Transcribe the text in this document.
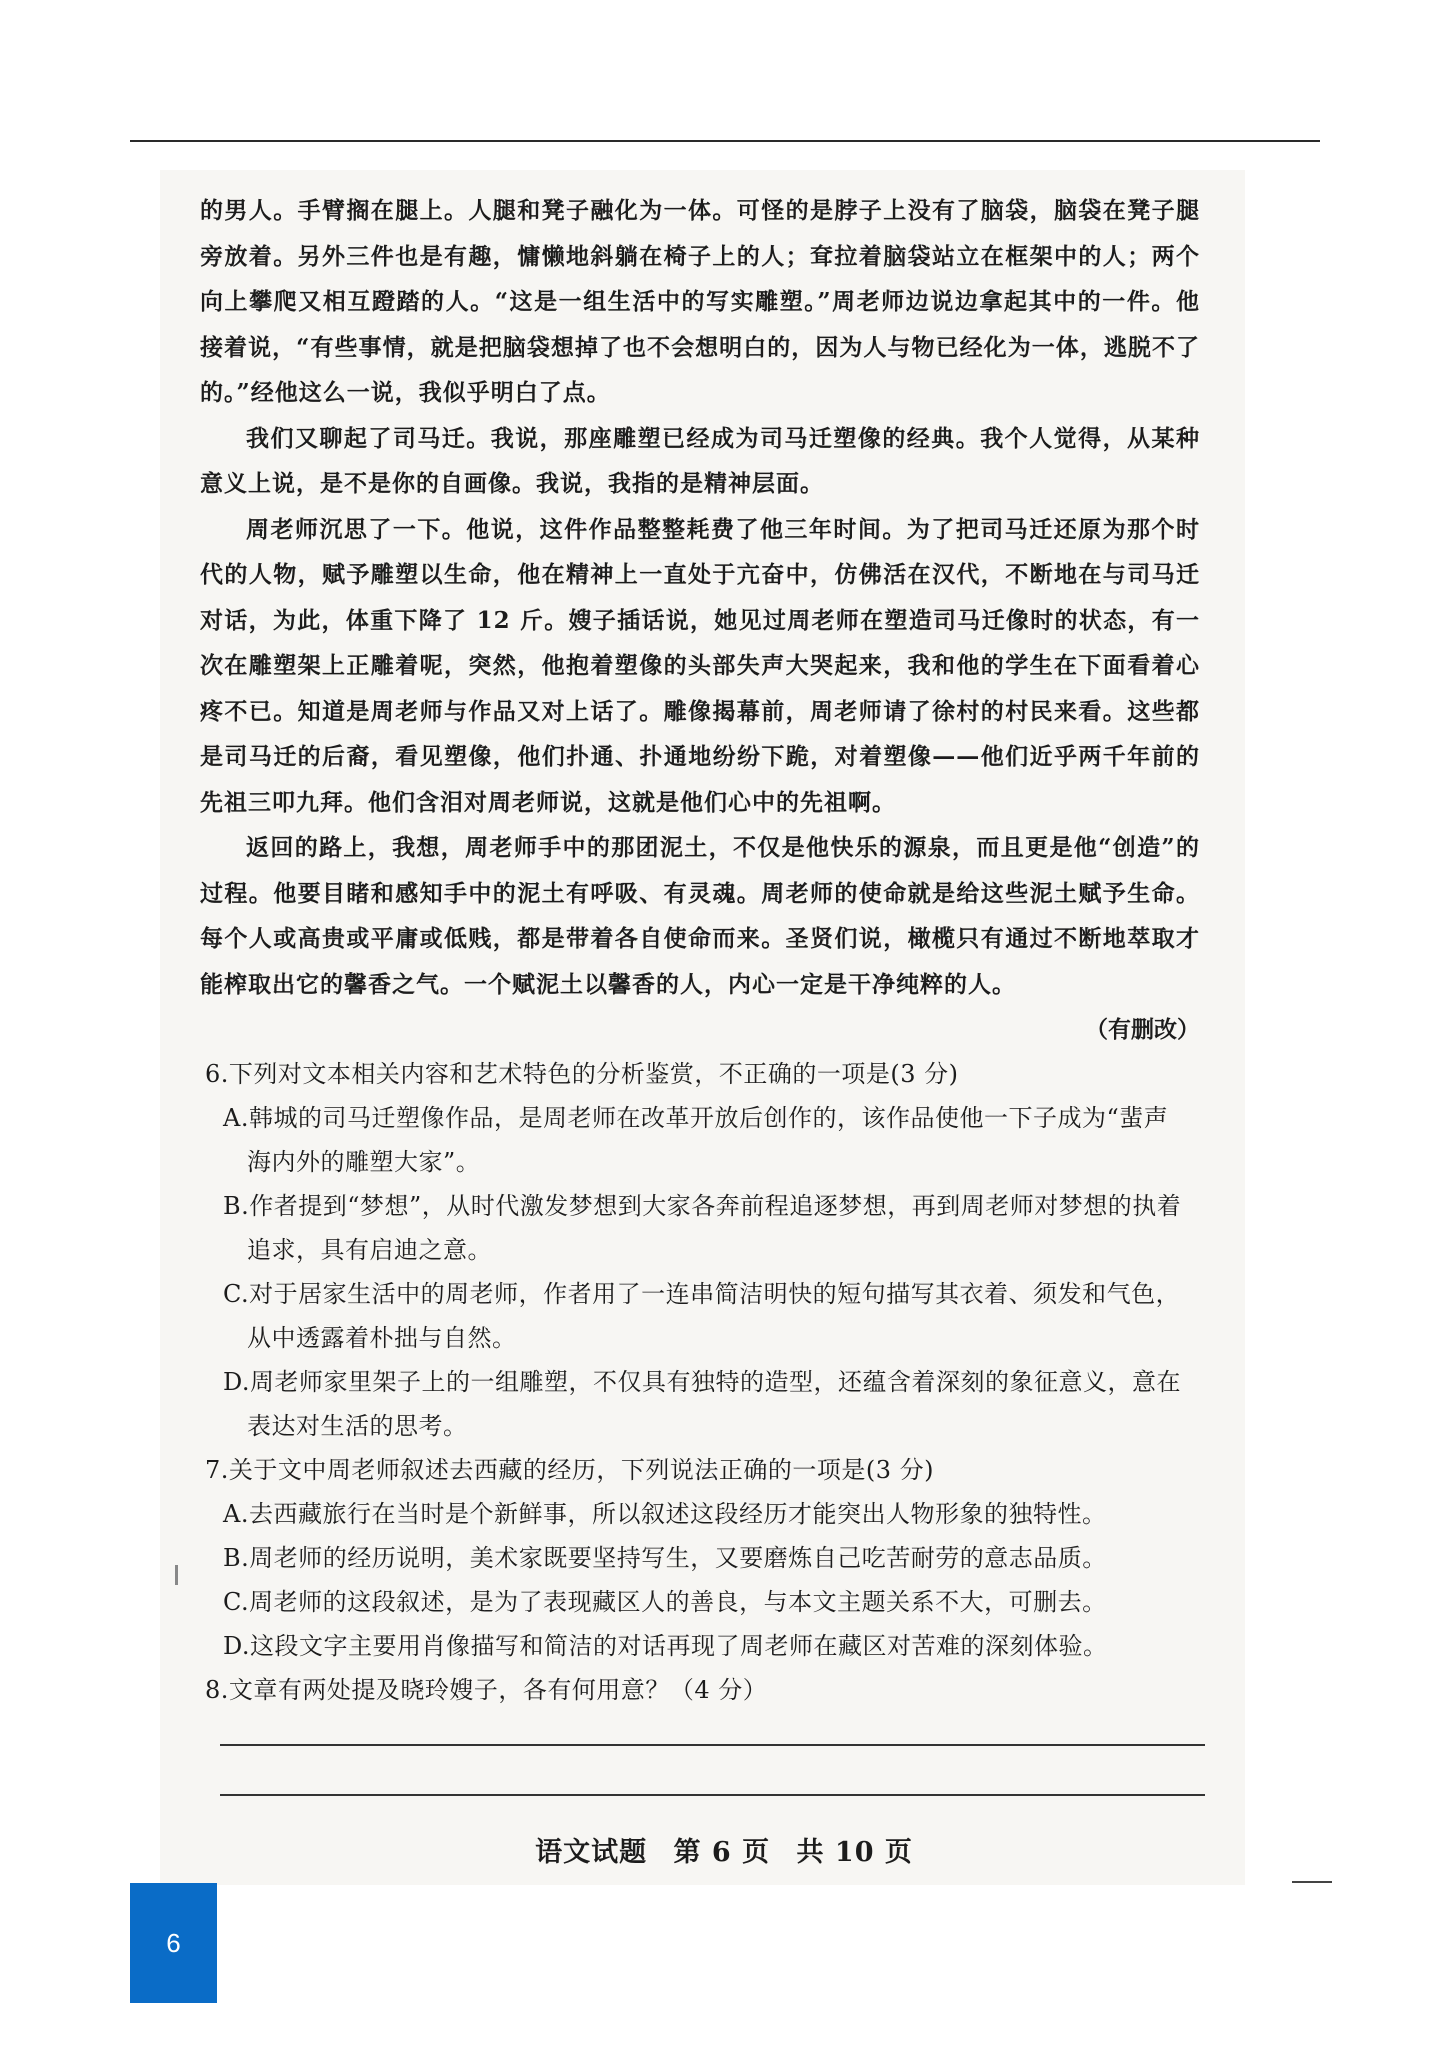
的男人。手臂搁在腿上。人腿和凳子融化为一体。可怪的是脖子上没有了脑袋，脑袋在凳子腿旁放着。另外三件也是有趣，慵懒地斜躺在椅子上的人；耷拉着脑袋站立在框架中的人；两个向上攀爬又相互蹬踏的人。“这是一组生活中的写实雕塑。”周老师边说边拿起其中的一件。他接着说，“有些事情，就是把脑袋想掉了也不会想明白的，因为人与物已经化为一体，逃脱不了的。”经他这么一说，我似乎明白了点。

我们又聊起了司马迁。我说，那座雕塑已经成为司马迁塑像的经典。我个人觉得，从某种意义上说，是不是你的自画像。我说，我指的是精神层面。

周老师沉思了一下。他说，这件作品整整耗费了他三年时间。为了把司马迁还原为那个时代的人物，赋予雕塑以生命，他在精神上一直处于亢奋中，仿佛活在汉代，不断地在与司马迁对话，为此，体重下降了 12 斤。嫂子插话说，她见过周老师在塑造司马迁像时的状态，有一次在雕塑架上正雕着呢，突然，他抱着塑像的头部失声大哭起来，我和他的学生在下面看着心疼不已。知道是周老师与作品又对上话了。雕像揭幕前，周老师请了徐村的村民来看。这些都是司马迁的后裔，看见塑像，他们扑通、扑通地纷纷下跪，对着塑像——他们近乎两千年前的先祖三叩九拜。他们含泪对周老师说，这就是他们心中的先祖啊。

返回的路上，我想，周老师手中的那团泥土，不仅是他快乐的源泉，而且更是他“创造”的过程。他要目睹和感知手中的泥土有呼吸、有灵魂。周老师的使命就是给这些泥土赋予生命。每个人或高贵或平庸或低贱，都是带着各自使命而来。圣贤们说，橄榄只有通过不断地萃取才能榨取出它的馨香之气。一个赋泥土以馨香的人，内心一定是干净纯粹的人。

（有删改）

6.下列对文本相关内容和艺术特色的分析鉴赏，不正确的一项是(3 分)

A.韩城的司马迁塑像作品，是周老师在改革开放后创作的，该作品使他一下子成为“蜚声
海内外的雕塑大家”。

B.作者提到“梦想”，从时代激发梦想到大家各奔前程追逐梦想，再到周老师对梦想的执着
追求，具有启迪之意。

C.对于居家生活中的周老师，作者用了一连串简洁明快的短句描写其衣着、须发和气色，
从中透露着朴拙与自然。

D.周老师家里架子上的一组雕塑，不仅具有独特的造型，还蕴含着深刻的象征意义，意在
表达对生活的思考。

7.关于文中周老师叙述去西藏的经历，下列说法正确的一项是(3 分)

A.去西藏旅行在当时是个新鲜事，所以叙述这段经历才能突出人物形象的独特性。

B.周老师的经历说明，美术家既要坚持写生，又要磨炼自己吃苦耐劳的意志品质。

C.周老师的这段叙述，是为了表现藏区人的善良，与本文主题关系不大，可删去。

D.这段文字主要用肖像描写和简洁的对话再现了周老师在藏区对苦难的深刻体验。

8.文章有两处提及晓玲嫂子，各有何用意？（4 分）

语文试题 第 6 页 共 10 页
6
